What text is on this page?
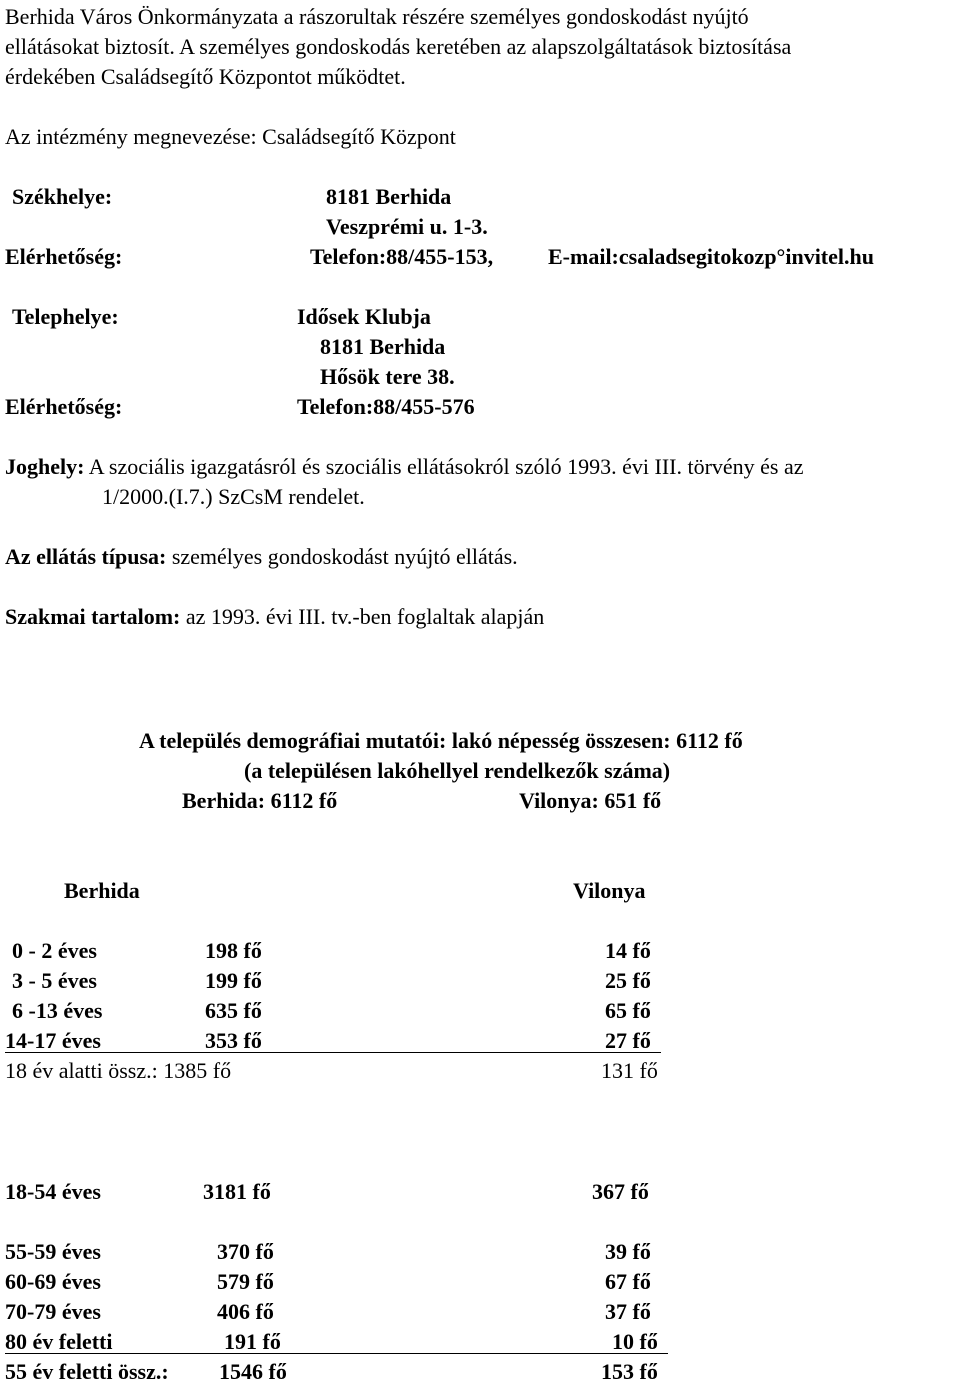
Berhida Város Önkormányzata a rászorultak részére személyes gondoskodást nyújtó
ellátásokat biztosít. A személyes gondoskodás keretében az alapszolgáltatások biztosítása
érdekében Családsegítő Központot működtet.
Az intézmény megnevezése: Családsegítő Központ
Székhelye:	8181 Berhida
Veszprémi u. 1-3.
Elérhetőség:	Telefon:88/455-153, E-mail:csaladsegitokozp°invitel.hu
Telephelye:	Idősek Klubja
8181 Berhida
Hősök tere 38.
Elérhetőség:	Telefon:88/455-576
Joghely: A szociális igazgatásról és szociális ellátásokról szóló 1993. évi III. törvény és az
1/2000.(I.7.) SzCsM rendelet.
Az ellátás típusa: személyes gondoskodást nyújtó ellátás.
Szakmai tartalom: az 1993. évi III. tv.-ben foglaltak alapján
A település demográfiai mutatói: lakó népesség összesen: 6112 fő
(a településen lakóhellyel rendelkezők száma)
Berhida: 6112 fő	Vilonya: 651 fő
Berhida	Vilonya
0 - 2 éves	198 fő	14 fő
3 - 5 éves	199 fő	25 fő
6 -13 éves	635 fő	65 fő
14-17 éves	353 fő	27 fő
18 év alatti össz.: 1385 fő	131 fő
18-54 éves	3181 fő	367 fő
55-59 éves	370 fő	39 fő
60-69 éves	579 fő	67 fő
70-79 éves	406 fő	37 fő
80 év feletti	191 fő	10 fő
55 év feletti össz.: 1546 fő	153 fő
